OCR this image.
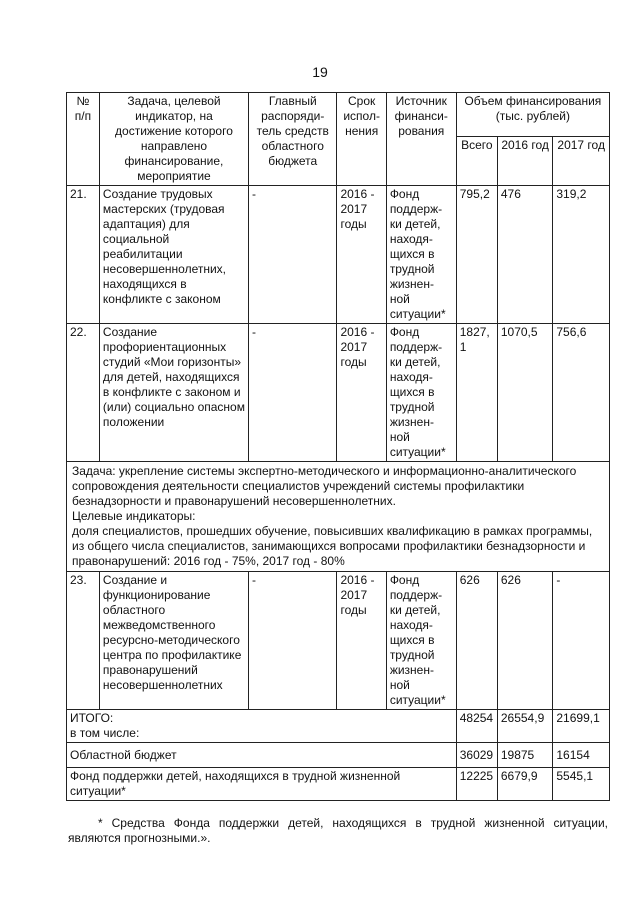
19
№ п/п	Задача, целевой индикатор, на достижение которого направлено финансирование, мероприятие	Главный распоряди-тель средств областного бюджета	Срок испол-нения	Источник финанси-рования	Объем финансирования (тыс. рублей)		
					Всего	2016 год	2017 год
21.	Создание трудовых мастерских (трудовая адаптация) для социальной реабилитации несовершеннолетних, находящихся в конфликте с законом	-	2016 - 2017 годы	Фонд поддерж-ки детей, находя-щихся в трудной жизнен-ной ситуации*	795,2	476	319,2
22.	Создание профориентационных студий «Мои горизонты» для детей, находящихся в конфликте с законом и (или) социально опасном положении	-	2016 - 2017 годы	Фонд поддерж-ки детей, находя-щихся в трудной жизнен-ной ситуации*	1827,1	1070,5	756,6

Задача: укрепление системы экспертно-методического и информационно-аналитического сопровождения деятельности специалистов учреждений системы профилактики безнадзорности и правонарушений несовершеннолетних.
Целевые индикаторы:
доля специалистов, прошедших обучение, повысивших квалификацию в рамках программы, из общего числа специалистов, занимающихся вопросами профилактики безнадзорности и правонарушений: 2016 год - 75%, 2017 год - 80%							

23.	Создание и функционирование областного межведомственного ресурсно-методического центра по профилактике правонарушений несовершеннолетних	-	2016 - 2017 годы	Фонд поддерж-ки детей, находя-щихся в трудной жизнен-ной ситуации*	626	626	-

ИТОГО:
в том числе:					48254	26554,9	21699,1
Областной бюджет					36029	19875	16154
Фонд поддержки детей, находящихся в трудной жизненной ситуации*					12225	6679,9	5545,1
* Средства Фонда поддержки детей, находящихся в трудной жизненной ситуации, являются прогнозными.».
